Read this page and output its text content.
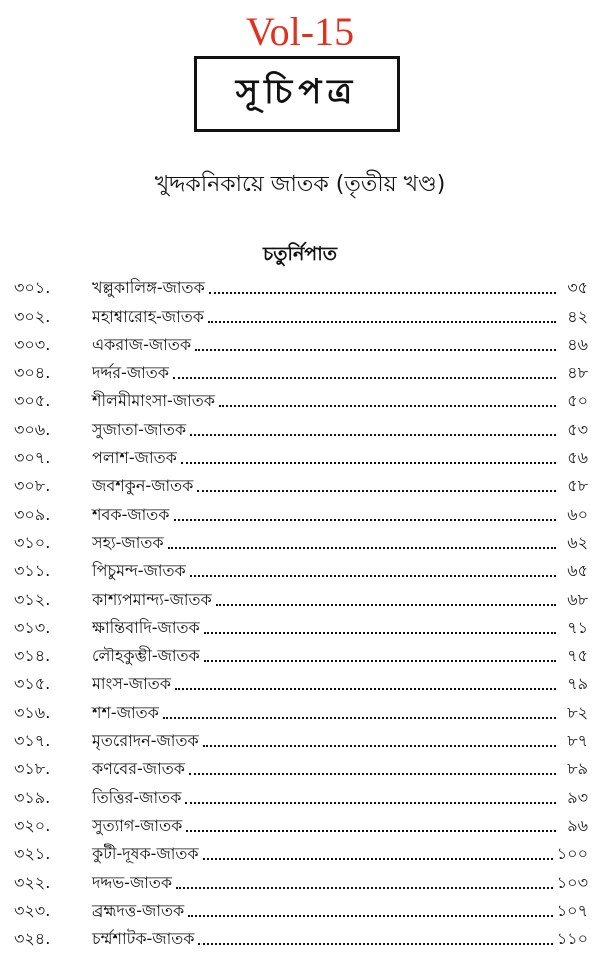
Vol-15
সূচিপত্র
খুদ্দকনিকায়ে জাতক (তৃতীয় খণ্ড)
চতুর্নিপাত
৩০১.	খল্লুকালিঙ্গ-জাতক	৩৫
৩০২.	মহাশ্বারোহ-জাতক	৪২
৩০৩.	একরাজ-জাতক	৪৬
৩০৪.	দর্দ্দর-জাতক	৪৮
৩০৫.	শীলমীমাংসা-জাতক	৫০
৩০৬.	সুজাতা-জাতক	৫৩
৩০৭.	পলাশ-জাতক	৫৬
৩০৮.	জবশকুন-জাতক	৫৮
৩০৯.	শবক-জাতক	৬০
৩১০.	সহ্য-জাতক	৬২
৩১১.	পিচুমন্দ-জাতক	৬৫
৩১২.	কাশ্যপমান্দ্য-জাতক	৬৮
৩১৩.	ক্ষান্তিবাদি-জাতক	৭১
৩১৪.	লৌহকুম্ভী-জাতক	৭৫
৩১৫.	মাংস-জাতক	৭৯
৩১৬.	শশ-জাতক	৮২
৩১৭.	মৃতরোদন-জাতক	৮৭
৩১৮.	কণবের-জাতক	৮৯
৩১৯.	তিত্তির-জাতক	৯৩
৩২০.	সুত্যাগ-জাতক	৯৬
৩২১.	কুটী-দূষক-জাতক	১০০
৩২২.	দদ্দভ-জাতক	১০৩
৩২৩.	ব্রহ্মদত্ত-জাতক	১০৭
৩২৪.	চর্ম্মশাটক-জাতক	১১০
